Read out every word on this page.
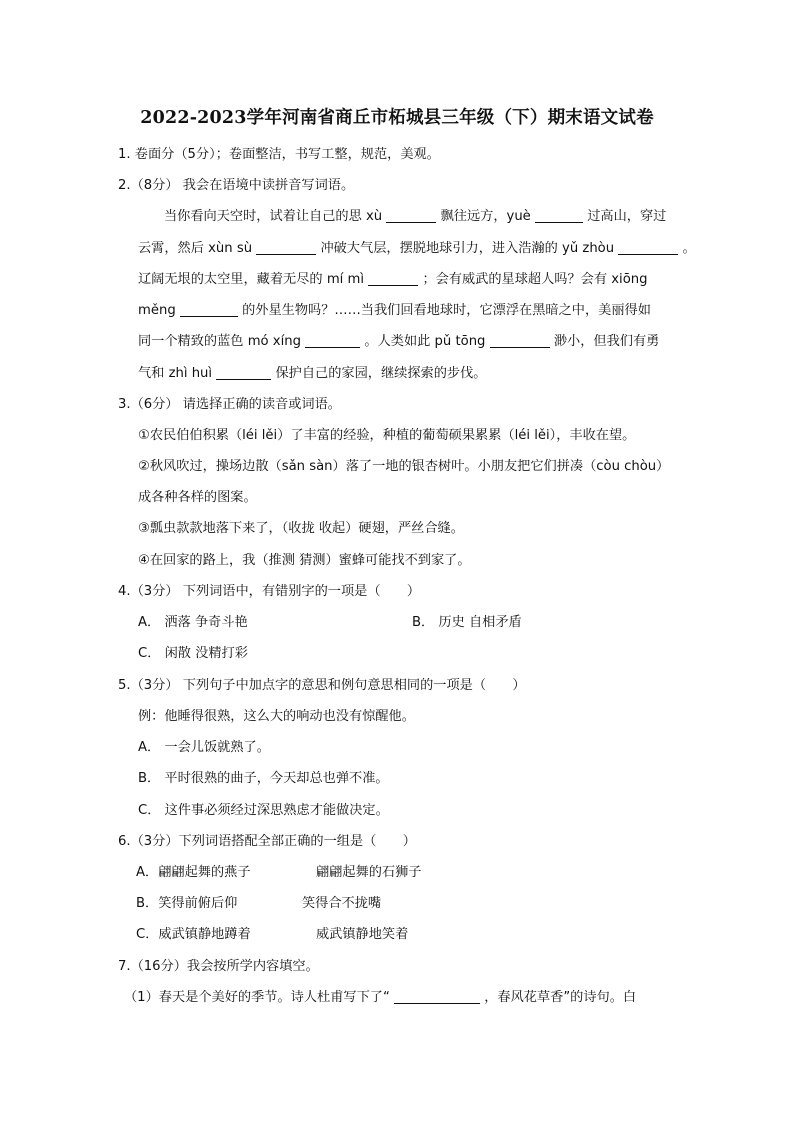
2022-2023学年河南省商丘市柘城县三年级（下）期末语文试卷
1. 卷面分（5分）；卷面整洁，书写工整，规范，美观。
2.（8分） 我会在语境中读拼音写词语。
当你看向天空时，试着让自己的思 xù	飘往远方，yuè	过高山，穿过
云霄，然后 xùn sù	冲破大气层，摆脱地球引力，进入浩瀚的 yǔ zhòu	。
辽阔无垠的太空里，藏着无尽的 mí mì	；会有威武的星球超人吗？会有 xiōng
měng	的外星生物吗？……当我们回看地球时，它漂浮在黑暗之中，美丽得如
同一个精致的蓝色 mó xíng	。人类如此 pǔ tōng	渺小，但我们有勇
气和 zhì huì	保护自己的家园，继续探索的步伐。
3.（6分） 请选择正确的读音或词语。
①农民伯伯积累（léi lěi）了丰富的经验，种植的葡萄硕果累累（léi lěi），丰收在望。
②秋风吹过，操场边散（sǎn sàn）落了一地的银杏树叶。小朋友把它们拼凑（còu chòu）
成各种各样的图案。
③瓢虫款款地落下来了，（收拢 收起）硬翅，严丝合缝。
④在回家的路上，我（推测 猜测）蜜蜂可能找不到家了。
4.（3分） 下列词语中，有错别字的一项是（　　）
A． 洒落 争奇斗艳	B． 历史 自相矛盾
C． 闲散 没精打彩
5.（3分） 下列句子中加点字的意思和例句意思相同的一项是（　　）
例：他睡得很熟，这么大的响动也没有惊醒他。
A． 一会儿饭就熟了。
B． 平时很熟的曲子，今天却总也弹不准。
C． 这件事必须经过深思熟虑才能做决定。
6.（3分）下列词语搭配全部正确的一组是（　　）
A．翩翩起舞的燕子	翩翩起舞的石狮子
B．笑得前俯后仰	笑得合不拢嘴
C．威武镇静地蹲着	威武镇静地笑着
7.（16分）我会按所学内容填空。
（1）春天是个美好的季节。诗人杜甫写下了“	，春风花草香”的诗句。白
